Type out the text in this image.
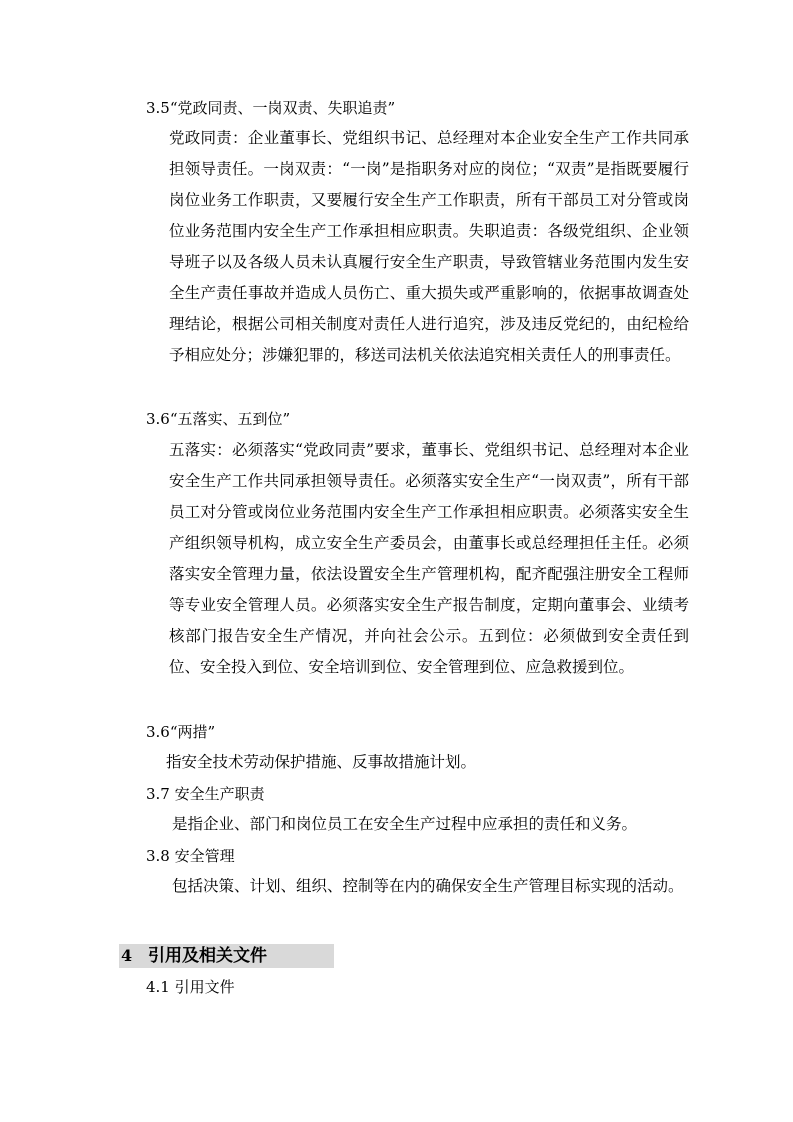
3.5“党政同责、一岗双责、失职追责”
党政同责：企业董事长、党组织书记、总经理对本企业安全生产工作共同承担领导责任。一岗双责：“一岗”是指职务对应的岗位；“双责”是指既要履行岗位业务工作职责，又要履行安全生产工作职责，所有干部员工对分管或岗位业务范围内安全生产工作承担相应职责。失职追责：各级党组织、企业领导班子以及各级人员未认真履行安全生产职责，导致管辖业务范围内发生安全生产责任事故并造成人员伤亡、重大损失或严重影响的，依据事故调查处理结论，根据公司相关制度对责任人进行追究，涉及违反党纪的，由纪检给予相应处分；涉嫌犯罪的，移送司法机关依法追究相关责任人的刑事责任。
3.6“五落实、五到位”
五落实：必须落实“党政同责”要求，董事长、党组织书记、总经理对本企业安全生产工作共同承担领导责任。必须落实安全生产“一岗双责”，所有干部员工对分管或岗位业务范围内安全生产工作承担相应职责。必须落实安全生产组织领导机构，成立安全生产委员会，由董事长或总经理担任主任。必须落实安全管理力量，依法设置安全生产管理机构，配齐配强注册安全工程师等专业安全管理人员。必须落实安全生产报告制度，定期向董事会、业绩考核部门报告安全生产情况，并向社会公示。五到位：必须做到安全责任到位、安全投入到位、安全培训到位、安全管理到位、应急救援到位。
3.6“两措”
指安全技术劳动保护措施、反事故措施计划。
3.7 安全生产职责
是指企业、部门和岗位员工在安全生产过程中应承担的责任和义务。
3.8 安全管理
包括决策、计划、组织、控制等在内的确保安全生产管理目标实现的活动。
4 引用及相关文件
4.1 引用文件
